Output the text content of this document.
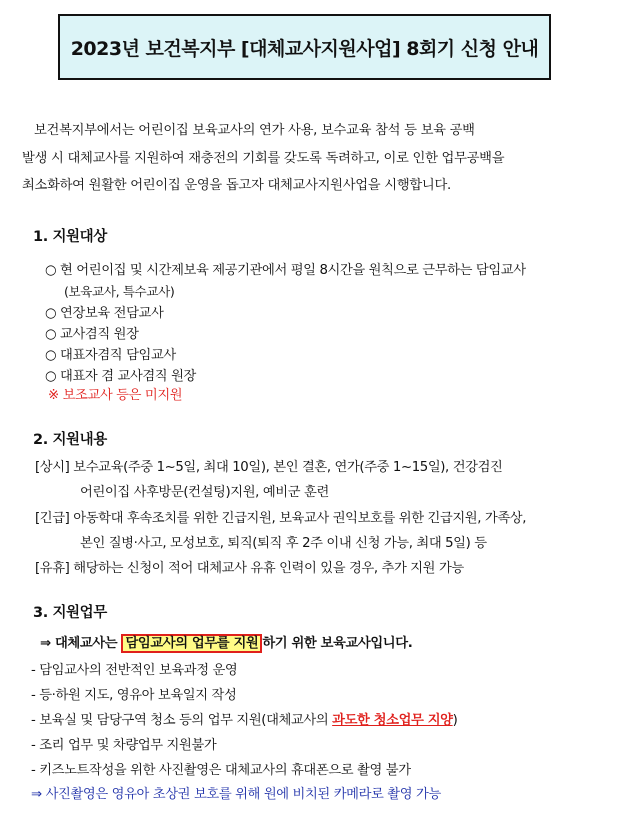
2023년 보건복지부 [대체교사지원사업] 8회기 신청 안내
보건복지부에서는 어린이집 보육교사의 연가 사용, 보수교육 참석 등 보육 공백
발생 시 대체교사를 지원하여 재충전의 기회를 갖도록 독려하고, 이로 인한 업무공백을
최소화하여 원활한 어린이집 운영을 돕고자 대체교사지원사업을 시행합니다.
1. 지원대상
○ 현 어린이집 및 시간제보육 제공기관에서 평일 8시간을 원칙으로 근무하는 담임교사
(보육교사, 특수교사)
○ 연장보육 전담교사
○ 교사겸직 원장
○ 대표자겸직 담임교사
○ 대표자 겸 교사겸직 원장
※ 보조교사 등은 미지원
2. 지원내용
[상시] 보수교육(주중 1~5일, 최대 10일), 본인 결혼, 연가(주중 1~15일), 건강검진
어린이집 사후방문(컨설팅)지원, 예비군 훈련
[긴급] 아동학대 후속조치를 위한 긴급지원, 보육교사 권익보호를 위한 긴급지원, 가족상,
본인 질병·사고, 모성보호, 퇴직(퇴직 후 2주 이내 신청 가능, 최대 5일) 등
[유휴] 해당하는 신청이 적어 대체교사 유휴 인력이 있을 경우, 추가 지원 가능
3. 지원업무
⇒ 대체교사는 담임교사의 업무를 지원 하기 위한 보육교사입니다.
- 담임교사의 전반적인 보육과정 운영
- 등·하원 지도, 영유아 보육일지 작성
- 보육실 및 담당구역 청소 등의 업무 지원(대체교사의 과도한 청소업무 지양)
- 조리 업무 및 차량업무 지원불가
- 키즈노트작성을 위한 사진촬영은 대체교사의 휴대폰으로 촬영 불가
⇒ 사진촬영은 영유아 초상권 보호를 위해 원에 비치된 카메라로 촬영 가능
